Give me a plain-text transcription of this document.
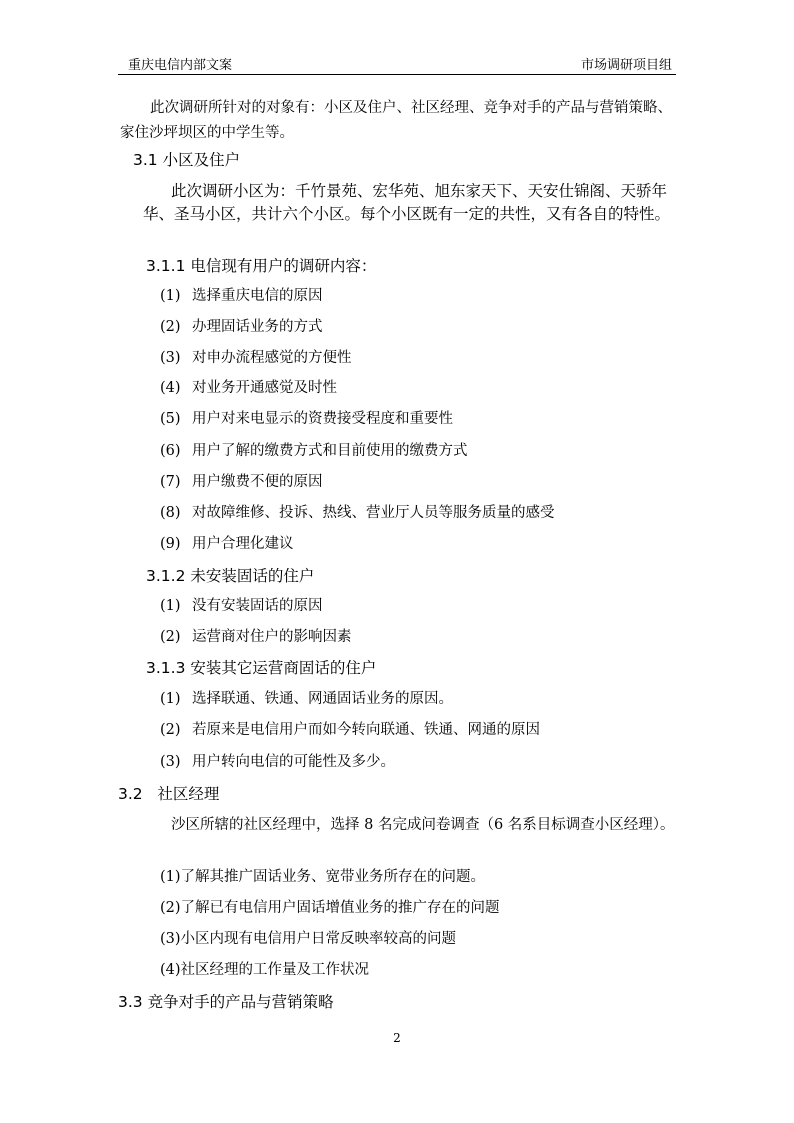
重庆电信内部文案	市场调研项目组
此次调研所针对的对象有：小区及住户、社区经理、竞争对手的产品与营销策略、家住沙坪坝区的中学生等。
3.1 小区及住户
此次调研小区为：千竹景苑、宏华苑、旭东家天下、天安仕锦阁、天骄年华、圣马小区，共计六个小区。每个小区既有一定的共性，又有各自的特性。
3.1.1 电信现有用户的调研内容：
(1) 选择重庆电信的原因
(2) 办理固话业务的方式
(3) 对申办流程感觉的方便性
(4) 对业务开通感觉及时性
(5) 用户对来电显示的资费接受程度和重要性
(6) 用户了解的缴费方式和目前使用的缴费方式
(7) 用户缴费不便的原因
(8) 对故障维修、投诉、热线、营业厅人员等服务质量的感受
(9) 用户合理化建议
3.1.2 未安装固话的住户
(1) 没有安装固话的原因
(2) 运营商对住户的影响因素
3.1.3 安装其它运营商固话的住户
(1) 选择联通、铁通、网通固话业务的原因。
(2) 若原来是电信用户而如今转向联通、铁通、网通的原因
(3) 用户转向电信的可能性及多少。
3.2   社区经理
沙区所辖的社区经理中，选择 8 名完成问卷调查（6 名系目标调查小区经理）。
(1)了解其推广固话业务、宽带业务所存在的问题。
(2)了解已有电信用户固话增值业务的推广存在的问题
(3)小区内现有电信用户日常反映率较高的问题
(4)社区经理的工作量及工作状况
3.3 竞争对手的产品与营销策略
2
